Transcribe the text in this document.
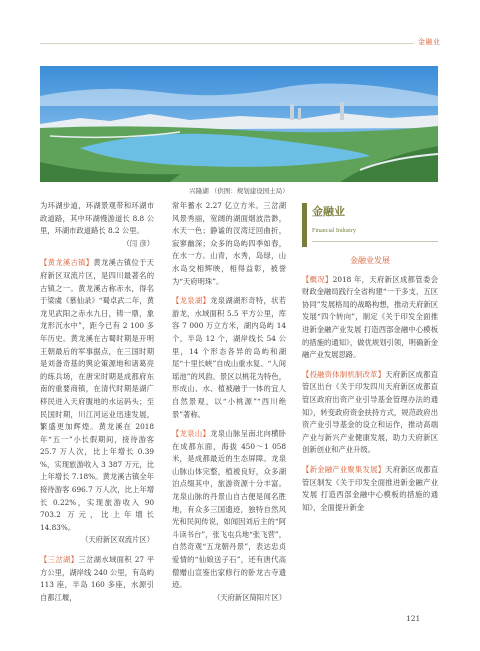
金融业
兴隆湖 （供图：规划建设国土局）

为环湖步道，环湖景观带和环湖市政道路，其中环湖慢游道长 8.8 公里，环湖市政道路长 8.2 公里。

（闫 彦）

【黄龙溪古镇】黄龙溪古镇位于天府新区双流片区，是四川最著名的古镇之一。黄龙溪古称赤水，得名于梁虞《慕仙录》“蜀卓武二年，黄龙见武阳之赤水九日，铸一鼎，象龙形沉水中”，距今已有 2 100 多年历史。黄龙溪在古蜀时期是开明王朝最后的军事据点，在三国时期是刘备奇基的舆论策源地和诸葛亮的练兵场，在唐宋时期是成都府东南的重要商镇，在清代时期是湖广移民进入天府腹地的水运码头；至民国时期，川江河运业迅速发展，繁盛更加辉煌。黄龙溪在 2018 年“五一”小长假期间，接待游客 25.7 万人次，比上年增长 0.39 %，实现旅游收入 3 387 万元，比上年增长 7.18%。黄龙溪古镇全年接待游客 696.7 万人次，比上年增长 0.22%，实现旅游收入 90 703.2 万元，比上年增长 14.83%。

（天府新区双流片区）

【三岔湖】三岔湖水域面积 27 平方公里，湖岸线 240 公里，有岛屿 113 座，半岛 160 多座，水源引自都江堰，

常年蓄水 2.27 亿立方米。三岔湖风景秀丽，宽阔的湖面烟波浩渺，水天一色；静谧的汊湾迂回曲折，寂寥幽深；众多的岛屿四季如春，在水一方。山青，水秀，岛绿，山水岛交相辉映，相得益彰，被誉为“天府明珠”。

【龙泉湖】龙泉湖湖形奇特，状若游龙，水域面积 5.5 平方公里，库容 7 000 万立方米，湖内岛屿 14 个，半岛 12 个，湖岸线长 54 公里，14 个形态各异的岛屿和湖尾“十里长峡”自成山重水复、“人间瑶池”的风韵。景区以桃花为特色，形成山、水、植被融于一体的宜人自然景观，以“小桃源”“西川绝景”著称。

【龙泉山】龙泉山脉呈南北向横卧在成都东面，海拔 450～1 058 米，是成都最近的生态屏障。龙泉山脉山体完整，植被良好，众多湖泊点缀其中，旅游资源十分丰富。龙泉山脉的丹景山自古便是闻名胜地，有众多三国遗迹，独特自然风光和民间传说，如闻因刘后主的“阿斗读书台”，张飞屯兵地“张飞营”，自然奇观“五龙朝丹景”，表达忠贞爱情的“仙娘送子石”，还有唐代高僧赠山宣鉴出家修行的卧龙古寺遗迹。

（天府新区简阳片区）

金融业
Financial Industry
金融业发展

【概况】2018 年，天府新区成都管委会财政金融局践行全省构建“一干多支、五区协同”发展格局的战略构想，推动天府新区发展“四个转向”，制定《关于印发全面推进新金融产业发展 打造西部金融中心模板的措施的通知》，做优规划引领，明确新金融产业发展思路。

【投融资体制机制改革】天府新区成都直管区出台《关于印发四川天府新区成都直管区政府出资产业引导基金管理办法的通知》，转变政府资金扶持方式，规范政府出资产业引导基金的设立和运作，推动高端产业与新兴产业健康发展，助力天府新区创新创业和产业升级。

【新金融产业聚集发展】天府新区成都直管区制发《关于印发全面推进新金融产业发展 打造西部金融中心模板的措施的通知》，全面提升新金

121
